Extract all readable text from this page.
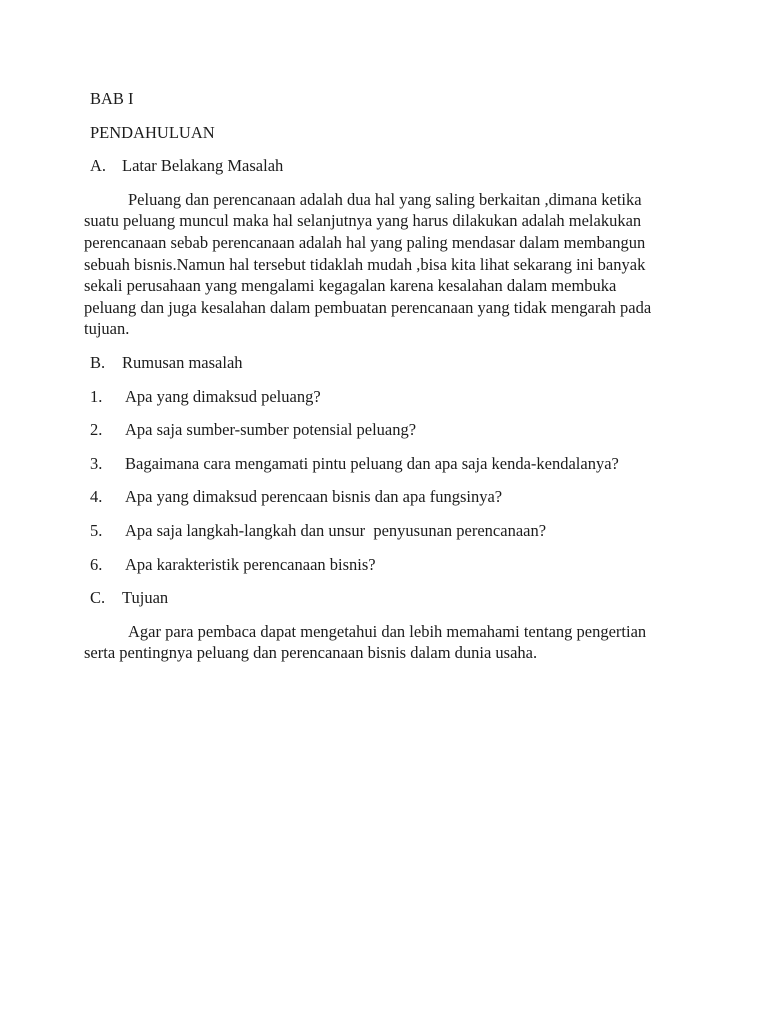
BAB I

PENDAHULUAN

A. Latar Belakang Masalah

Peluang dan perencanaan adalah dua hal yang saling berkaitan ,dimana ketika suatu peluang muncul maka hal selanjutnya yang harus dilakukan adalah melakukan perencanaan sebab perencanaan adalah hal yang paling mendasar dalam membangun sebuah bisnis.Namun hal tersebut tidaklah mudah ,bisa kita lihat sekarang ini banyak sekali perusahaan yang mengalami kegagalan karena kesalahan dalam membuka peluang dan juga kesalahan dalam pembuatan perencanaan yang tidak mengarah pada tujuan.

B.	Rumusan masalah
1.	Apa yang dimaksud peluang?
2.	Apa saja sumber-sumber potensial peluang?
3.	Bagaimana cara mengamati pintu peluang dan apa saja kenda-kendalanya?
4.	Apa yang dimaksud perencaan bisnis dan apa fungsinya?
5.	Apa saja langkah-langkah dan unsur  penyusunan perencanaan?
6.	Apa karakteristik perencanaan bisnis?
C.	Tujuan

Agar para pembaca dapat mengetahui dan lebih memahami tentang pengertian serta pentingnya peluang dan perencanaan bisnis dalam dunia usaha.
